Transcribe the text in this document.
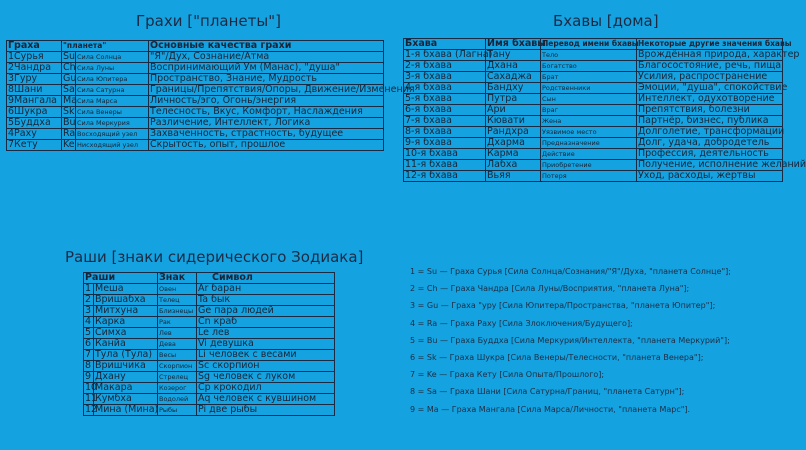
Грахи ["планеты"]	Бхавы [дома]
Раши [знаки сидерического Зодиака]
Граха	"планета"		Основные качества грахи
1Сурья	Su	Сила Солнца	"Я"/Дух, Сознание/Атма
2Чандра	Ch	Сила Луны	Воспринимающий Ум (Манас), "душа"
3Гуру	Gu	Сила Юпитера	Пространство, Знание, Мудрость
8Шани	Sa	Сила Сатурна	Границы/Препятствия/Опоры, Движение/Изменения
9Мангала	Ma	Сила Марса	Личность/эго, Огонь/энергия
6Шукра	Sk	Сила Венеры	Телесность, Вкус, Комфорт, Наслаждения
5Буддха	Bu	Сила Меркурия	Различение, Интеллект, Логика
4Раху	Ra	Восходящий узел	Захваченность, страстность, будущее
7Кету	Ke	Нисходящий узел	Скрытость, опыт, прошлое
Бхава	Имя бхавы	Перевод имени бхавы	Некоторые другие значения бхавы
1-я бхава (Лагна)	Тану	Тело	Врождённая природа, характер
2-я бхава	Дхана	Богатство	Благосостояние, речь, пища
3-я бхава	Сахаджа	Брат	Усилия, распространение
4-я бхава	Бандху	Родственники	Эмоции, "душа", спокойствие
5-я бхава	Путра	Сын	Интеллект, одухотворение
6-я бхава	Ари	Враг	Препятствия, болезни
7-я бхава	Кювати	Жена	Партнёр, бизнес, публика
8-я бхава	Рандхра	Уязвимое место	Долголетие, трансформации
9-я бхава	Дхарма	Предназначение	Долг, удача, добродетель
10-я бхава	Карма	Действие	Профессия, деятельность
11-я бхава	Лабха	Приобретение	Получение, исполнение желаний
12-я бхава	Вьяя	Потеря	Уход, расходы, жертвы
Раши		Знак	Символ
1	Меша	Овен	Ar баран
2	Вришабха	Телец	Ta бык
3	Митхуна	Близнецы	Ge пара людей
4	Карка	Рак	Cn краб
5	Симха	Лев	Le лев
6	Канйа	Дева	Vi девушка
7	Тула (Тула)	Весы	Li человек с весами
8	Вришчика	Скорпион	Sc скорпион
9	Дхану	Стрелец	Sg человек с луком
10	Макара	Козерог	Cp крокодил
11	Кумбха	Водолей	Aq человек с кувшином
12	Мина (Мина)	Рыбы	Pi две рыбы
1 = Su — Граха Сурья [Сила Солнца/Сознания/"Я"/Духа, "планета Солнце"];
2 = Ch — Граха Чандра [Сила Луны/Восприятия, "планета Луна"];
3 = Gu — Граха "уру [Сила Юпитера/Пространства, "планета Юпитер"];
4 = Ra — Граха Раху [Сила Злоключения/Будущего];
5 = Bu — Граха Буддха [Сила Меркурия/Интеллекта, "планета Меркурий"];
6 = Sk — Граха Шукра [Сила Венеры/Телесности, "планета Венера"];
7 = Ke — Граха Кету [Сила Опыта/Прошлого];
8 = Sa — Граха Шани [Сила Сатурна/Границ, "планета Сатурн"];
9 = Ma — Граха Мангала [Сила Марса/Личности, "планета Марс"].
